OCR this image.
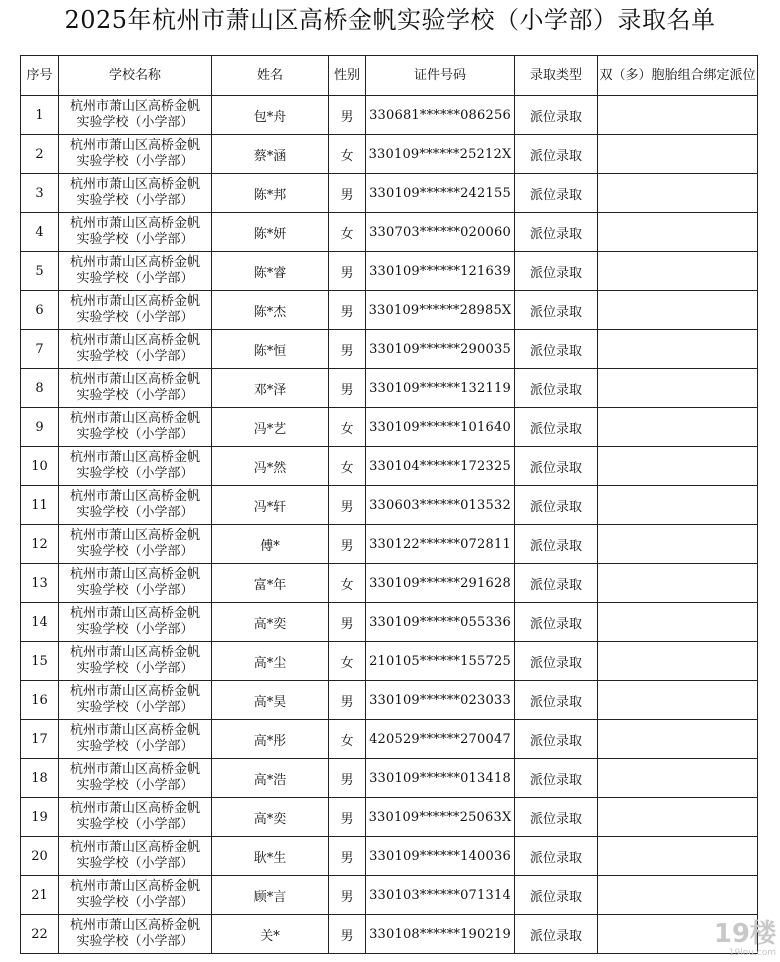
2025年杭州市萧山区高桥金帆实验学校（小学部）录取名单
序号	学校名称	姓名	性别	证件号码	录取类型	双（多）胞胎组合绑定派位
1	杭州市萧山区高桥金帆
实验学校（小学部）	包*舟	男	330681******086256	派位录取	
2	杭州市萧山区高桥金帆
实验学校（小学部）	蔡*涵	女	330109******25212X	派位录取	
3	杭州市萧山区高桥金帆
实验学校（小学部）	陈*邦	男	330109******242155	派位录取	
4	杭州市萧山区高桥金帆
实验学校（小学部）	陈*妍	女	330703******020060	派位录取	
5	杭州市萧山区高桥金帆
实验学校（小学部）	陈*睿	男	330109******121639	派位录取	
6	杭州市萧山区高桥金帆
实验学校（小学部）	陈*杰	男	330109******28985X	派位录取	
7	杭州市萧山区高桥金帆
实验学校（小学部）	陈*恒	男	330109******290035	派位录取	
8	杭州市萧山区高桥金帆
实验学校（小学部）	邓*泽	男	330109******132119	派位录取	
9	杭州市萧山区高桥金帆
实验学校（小学部）	冯*艺	女	330109******101640	派位录取	
10	杭州市萧山区高桥金帆
实验学校（小学部）	冯*然	女	330104******172325	派位录取	
11	杭州市萧山区高桥金帆
实验学校（小学部）	冯*轩	男	330603******013532	派位录取	
12	杭州市萧山区高桥金帆
实验学校（小学部）	傅*	男	330122******072811	派位录取	
13	杭州市萧山区高桥金帆
实验学校（小学部）	富*年	女	330109******291628	派位录取	
14	杭州市萧山区高桥金帆
实验学校（小学部）	高*奕	男	330109******055336	派位录取	
15	杭州市萧山区高桥金帆
实验学校（小学部）	高*尘	女	210105******155725	派位录取	
16	杭州市萧山区高桥金帆
实验学校（小学部）	高*昊	男	330109******023033	派位录取	
17	杭州市萧山区高桥金帆
实验学校（小学部）	高*彤	女	420529******270047	派位录取	
18	杭州市萧山区高桥金帆
实验学校（小学部）	高*浩	男	330109******013418	派位录取	
19	杭州市萧山区高桥金帆
实验学校（小学部）	高*奕	男	330109******25063X	派位录取	
20	杭州市萧山区高桥金帆
实验学校（小学部）	耿*生	男	330109******140036	派位录取	
21	杭州市萧山区高桥金帆
实验学校（小学部）	顾*言	男	330103******071314	派位录取	
22	杭州市萧山区高桥金帆
实验学校（小学部）	关*	男	330108******190219	派位录取		19楼
19lou.com
